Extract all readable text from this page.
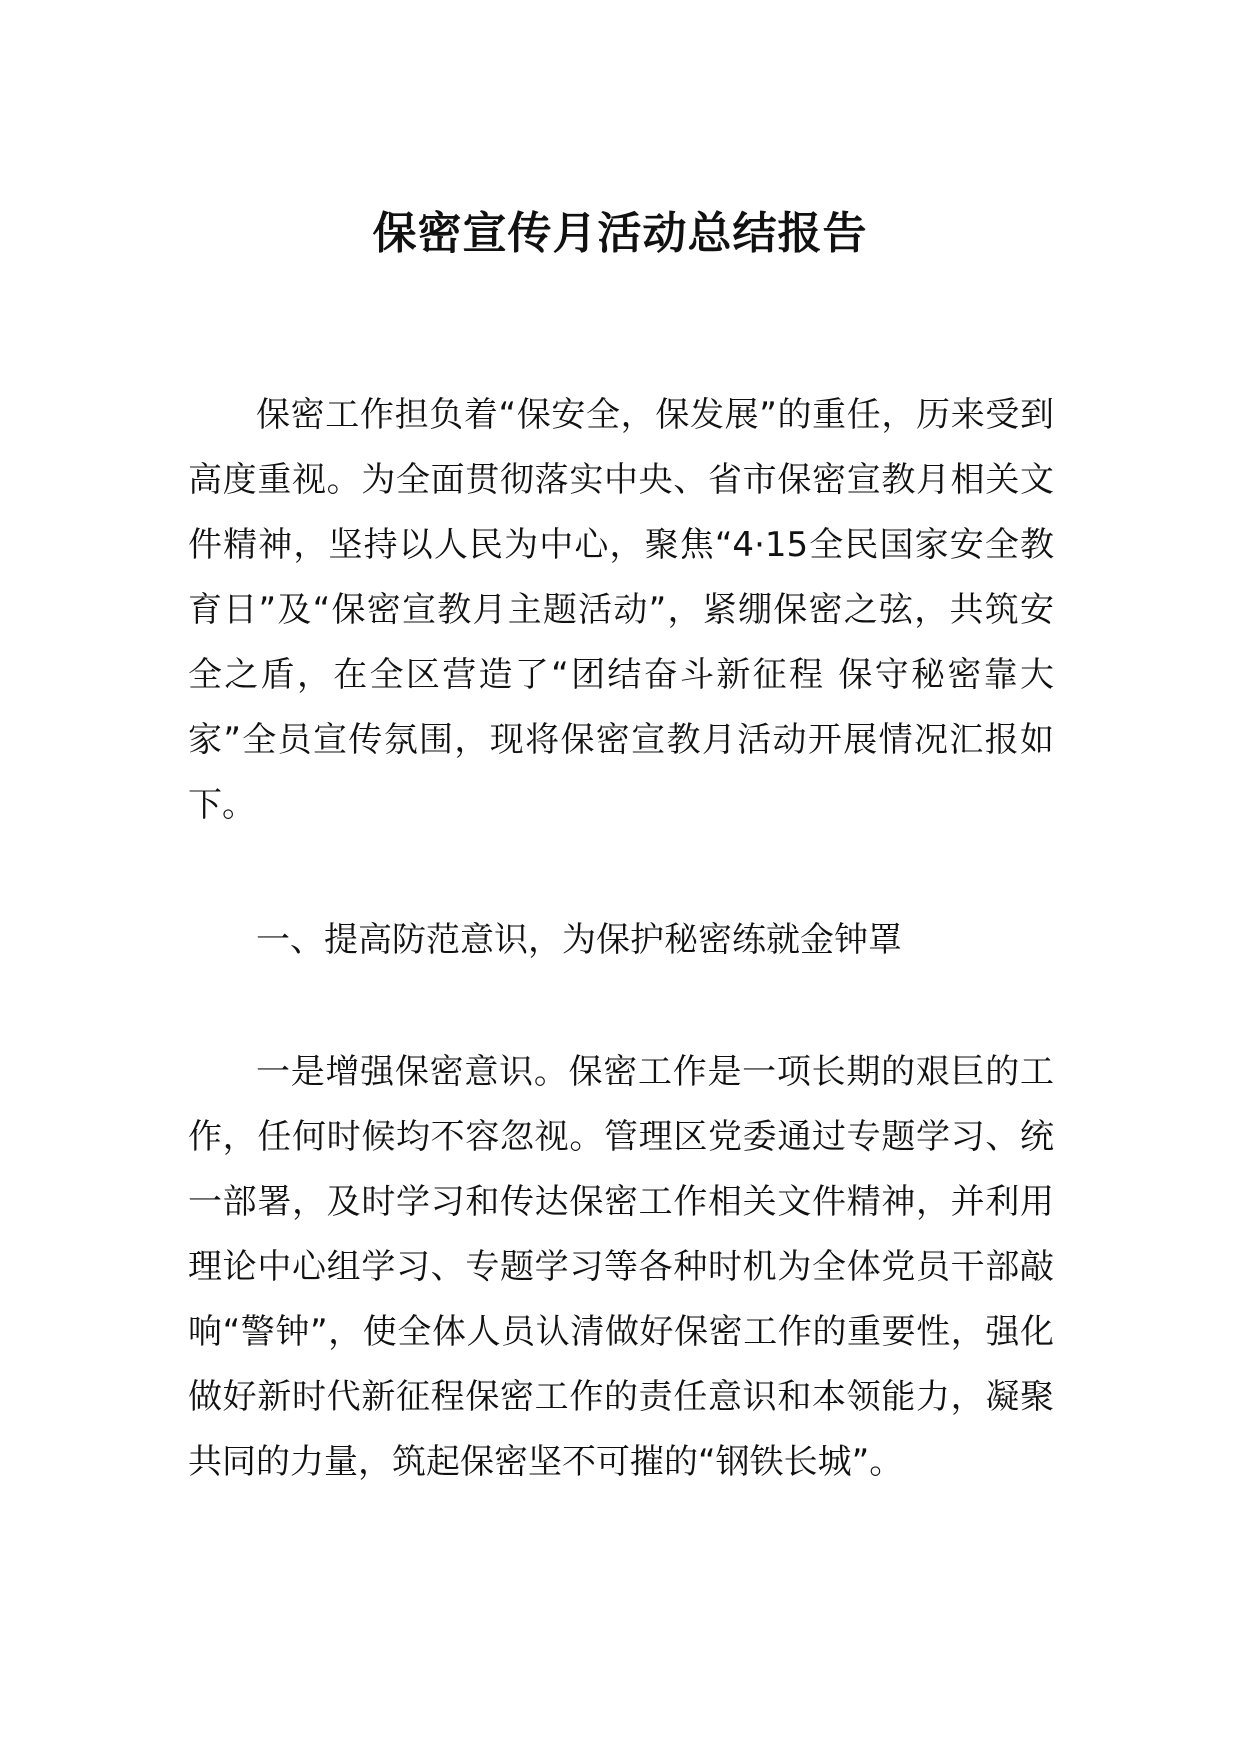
保密宣传月活动总结报告

保密工作担负着“保安全，保发展”的重任，历来受到高度重视。为全面贯彻落实中央、省市保密宣教月相关文件精神，坚持以人民为中心，聚焦“4·15全民国家安全教育日”及“保密宣教月主题活动”，紧绷保密之弦，共筑安全之盾，在全区营造了“团结奋斗新征程 保守秘密靠大家”全员宣传氛围，现将保密宣教月活动开展情况汇报如下。

一、提高防范意识，为保护秘密练就金钟罩

一是增强保密意识。保密工作是一项长期的艰巨的工作，任何时候均不容忽视。管理区党委通过专题学习、统一部署，及时学习和传达保密工作相关文件精神，并利用理论中心组学习、专题学习等各种时机为全体党员干部敲响“警钟”，使全体人员认清做好保密工作的重要性，强化做好新时代新征程保密工作的责任意识和本领能力，凝聚共同的力量，筑起保密坚不可摧的“钢铁长城”。
